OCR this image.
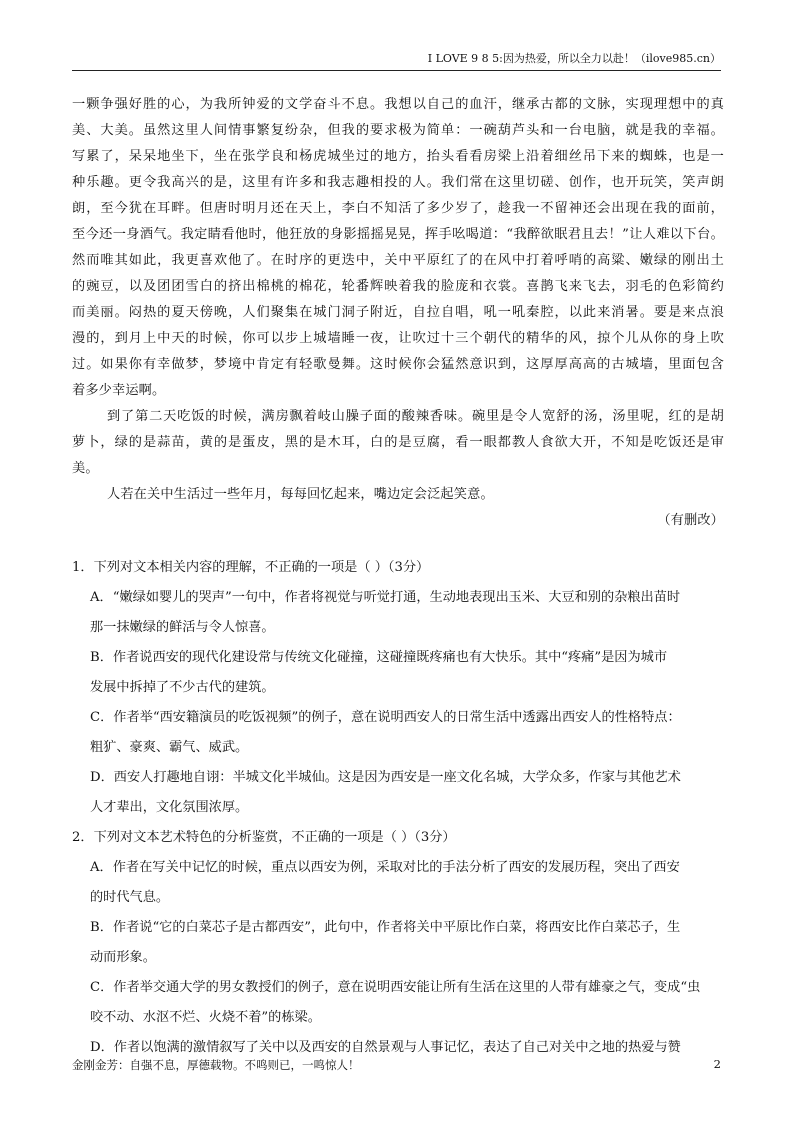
I LOVE 9 8 5:因为热爱，所以全力以赴！（ilove985.cn）
一颗争强好胜的心，为我所钟爱的文学奋斗不息。我想以自己的血汗，继承古都的文脉，实现理想中的真
美、大美。虽然这里人间情事繁复纷杂，但我的要求极为简单：一碗葫芦头和一台电脑，就是我的幸福。
写累了，呆呆地坐下，坐在张学良和杨虎城坐过的地方，抬头看看房梁上沿着细丝吊下来的蜘蛛，也是一
种乐趣。更令我高兴的是，这里有许多和我志趣相投的人。我们常在这里切磋、创作，也开玩笑，笑声朗
朗，至今犹在耳畔。但唐时明月还在天上，李白不知活了多少岁了，趁我一不留神还会出现在我的面前，
至今还一身酒气。我定睛看他时，他狂放的身影摇摇晃晃，挥手吆喝道：“我醉欲眠君且去！”让人难以下台。
然而唯其如此，我更喜欢他了。在时序的更迭中，关中平原红了的在风中打着呼哨的高粱、嫩绿的刚出土
的豌豆，以及团团雪白的挤出棉桃的棉花，轮番辉映着我的脸庞和衣裳。喜鹊飞来飞去，羽毛的色彩简约
而美丽。闷热的夏天傍晚，人们聚集在城门洞子附近，自拉自唱，吼一吼秦腔，以此来消暑。要是来点浪
漫的，到月上中天的时候，你可以步上城墙睡一夜，让吹过十三个朝代的精华的风，掠个儿从你的身上吹
过。如果你有幸做梦，梦境中肯定有轻歌曼舞。这时候你会猛然意识到，这厚厚高高的古城墙，里面包含
着多少幸运啊。
到了第二天吃饭的时候，满房飘着岐山臊子面的酸辣香味。碗里是令人宽舒的汤，汤里呢，红的是胡
萝卜，绿的是蒜苗，黄的是蛋皮，黑的是木耳，白的是豆腐，看一眼都教人食欲大开，不知是吃饭还是审
美。
人若在关中生活过一些年月，每每回忆起来，嘴边定会泛起笑意。
（有删改）
1．下列对文本相关内容的理解，不正确的一项是（ ）（3分）
A．“嫩绿如婴儿的哭声”一句中，作者将视觉与听觉打通，生动地表现出玉米、大豆和别的杂粮出苗时
那一抹嫩绿的鲜活与令人惊喜。
B．作者说西安的现代化建设常与传统文化碰撞，这碰撞既疼痛也有大快乐。其中“疼痛”是因为城市
发展中拆掉了不少古代的建筑。
C．作者举“西安籍演员的吃饭视频”的例子，意在说明西安人的日常生活中透露出西安人的性格特点：
粗犷、豪爽、霸气、威武。
D．西安人打趣地自诩：半城文化半城仙。这是因为西安是一座文化名城，大学众多，作家与其他艺术
人才辈出，文化氛围浓厚。
2．下列对文本艺术特色的分析鉴赏，不正确的一项是（ ）（3分）
A．作者在写关中记忆的时候，重点以西安为例，采取对比的手法分析了西安的发展历程，突出了西安
的时代气息。
B．作者说“它的白菜芯子是古都西安”，此句中，作者将关中平原比作白菜，将西安比作白菜芯子，生
动而形象。
C．作者举交通大学的男女教授们的例子，意在说明西安能让所有生活在这里的人带有雄豪之气，变成“虫
咬不动、水沤不烂、火烧不着”的栋梁。
D．作者以饱满的激情叙写了关中以及西安的自然景观与人事记忆，表达了自己对关中之地的热爱与赞
金刚金芳：自强不息，厚德载物。不鸣则已，一鸣惊人！	2
